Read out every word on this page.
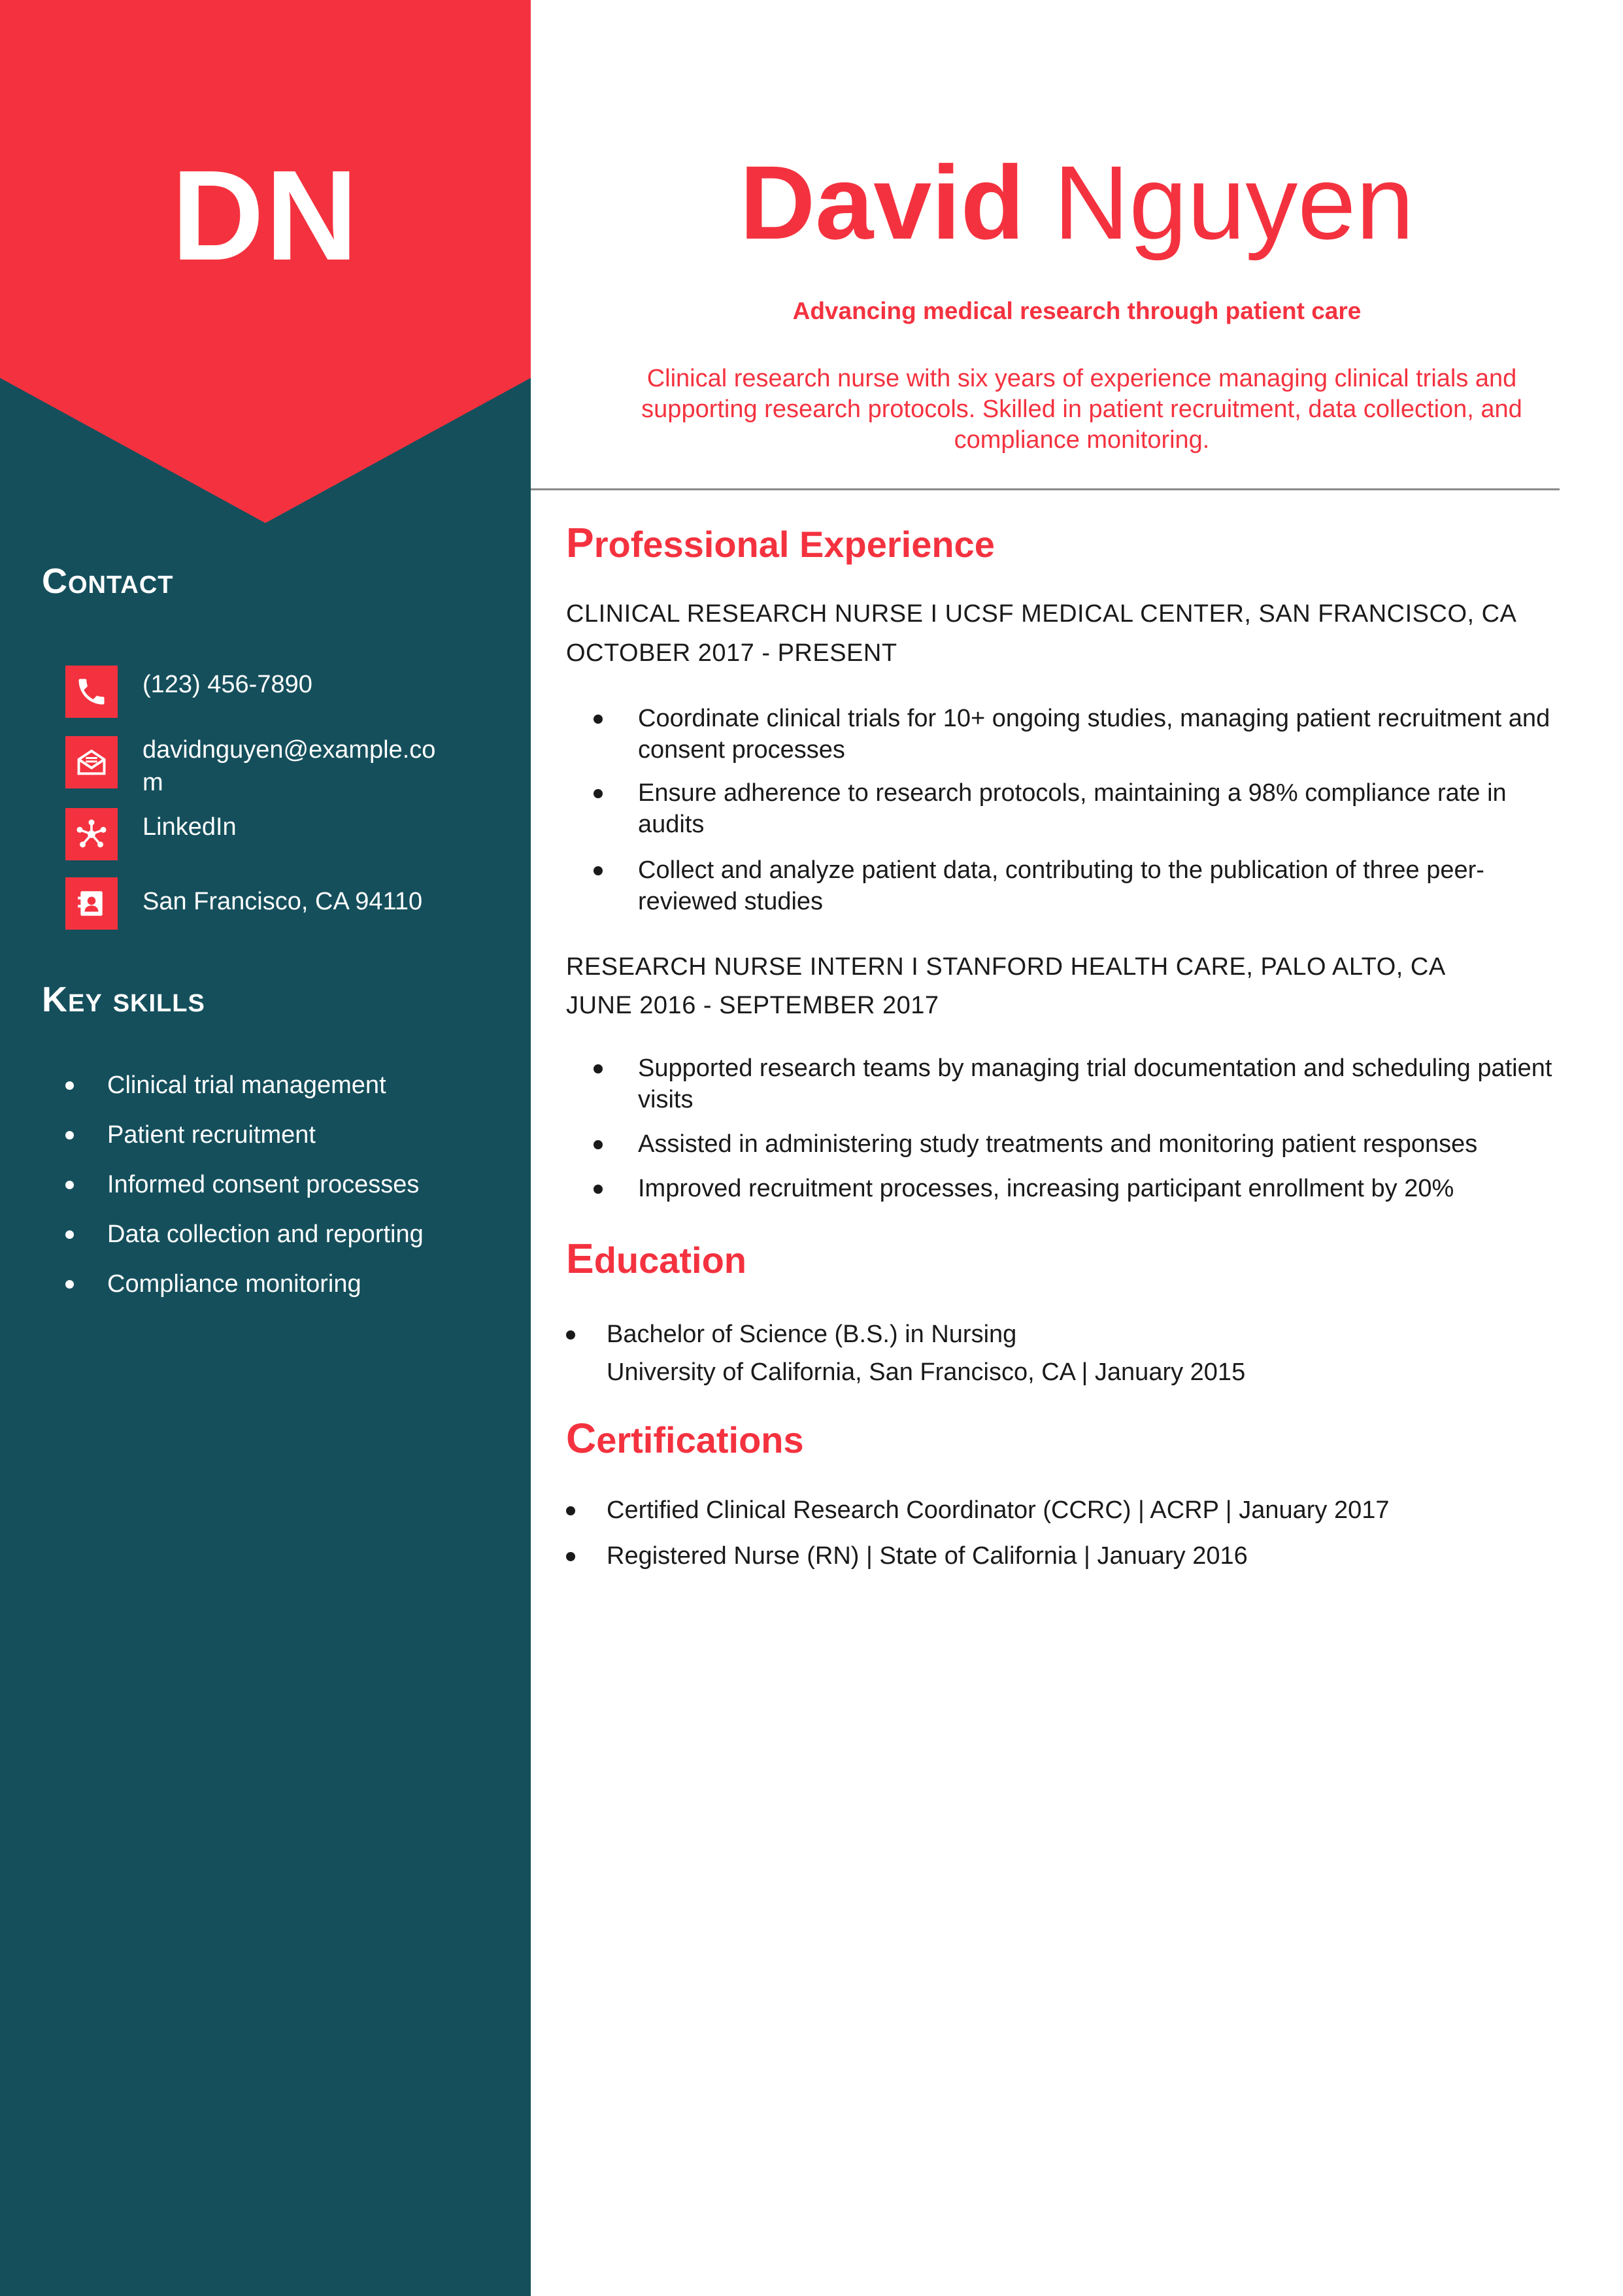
DN
Contact
(123) 456-7890
davidnguyen@example.com
LinkedIn
San Francisco, CA 94110
Key skills
Clinical trial management
Patient recruitment
Informed consent processes
Data collection and reporting
Compliance monitoring
David Nguyen
Advancing medical research through patient care
Clinical research nurse with six years of experience managing clinical trials and supporting research protocols. Skilled in patient recruitment, data collection, and compliance monitoring.
Professional Experience
CLINICAL RESEARCH NURSE I UCSF MEDICAL CENTER, SAN FRANCISCO, CA
OCTOBER 2017 - PRESENT
Coordinate clinical trials for 10+ ongoing studies, managing patient recruitment and consent processes
Ensure adherence to research protocols, maintaining a 98% compliance rate in audits
Collect and analyze patient data, contributing to the publication of three peer-reviewed studies
RESEARCH NURSE INTERN I STANFORD HEALTH CARE, PALO ALTO, CA
JUNE 2016 - SEPTEMBER 2017
Supported research teams by managing trial documentation and scheduling patient visits
Assisted in administering study treatments and monitoring patient responses
Improved recruitment processes, increasing participant enrollment by 20%
Education
Bachelor of Science (B.S.) in Nursing
University of California, San Francisco, CA | January 2015
Certifications
Certified Clinical Research Coordinator (CCRC) | ACRP | January 2017
Registered Nurse (RN) | State of California | January 2016
